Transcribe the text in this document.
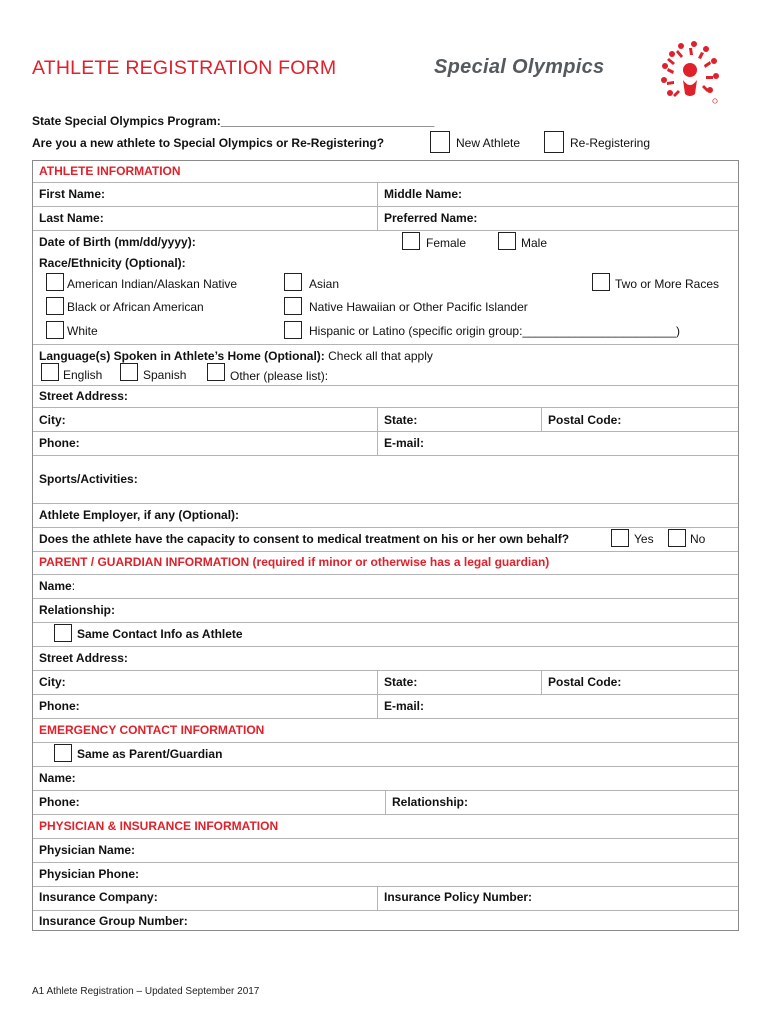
ATHLETE REGISTRATION FORM	Special Olympics
State Special Olympics Program:________________________________
Are you a new athlete to Special Olympics or Re-Registering?	New Athlete	Re-Registering
ATHLETE INFORMATION
First Name:	Middle Name:
Last Name:	Preferred Name:
Date of Birth (mm/dd/yyyy):	Female	Male
Race/Ethnicity (Optional):
American Indian/Alaskan Native	Asian	Two or More Races
Black or African American	Native Hawaiian or Other Pacific Islander
White	Hispanic or Latino (specific origin group:_______________________)
Language(s) Spoken in Athlete’s Home (Optional): Check all that apply
English	Spanish	Other (please list):
Street Address:
City:	State:	Postal Code:
Phone:	E-mail:
Sports/Activities:
Athlete Employer, if any (Optional):
Does the athlete have the capacity to consent to medical treatment on his or her own behalf?	Yes	No
PARENT / GUARDIAN INFORMATION (required if minor or otherwise has a legal guardian)
Name:
Relationship:
Same Contact Info as Athlete
Street Address:
City:	State:	Postal Code:
Phone:	E-mail:
EMERGENCY CONTACT INFORMATION
Same as Parent/Guardian
Name:
Phone:	Relationship:
PHYSICIAN & INSURANCE INFORMATION
Physician Name:
Physician Phone:
Insurance Company:	Insurance Policy Number:
Insurance Group Number:
A1 Athlete Registration – Updated September 2017
